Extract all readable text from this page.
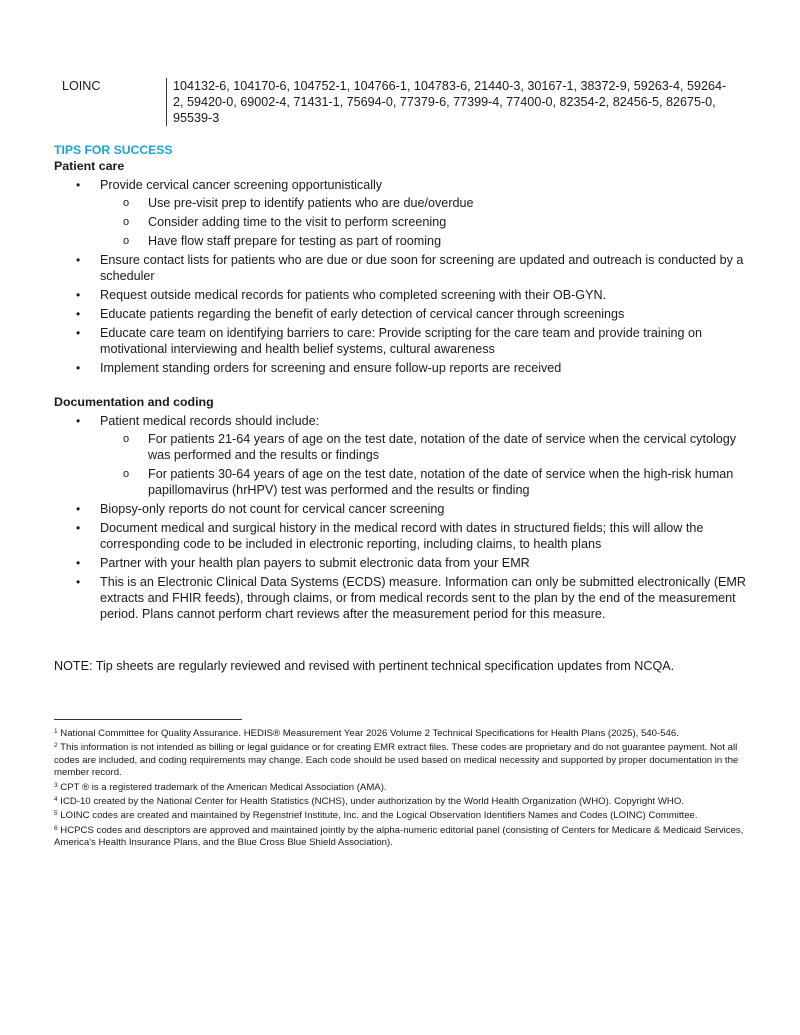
LOINC	104132-6, 104170-6, 104752-1, 104766-1, 104783-6, 21440-3, 30167-1, 38372-9, 59263-4, 59264-2, 59420-0, 69002-4, 71431-1, 75694-0, 77379-6, 77399-4, 77400-0, 82354-2, 82456-5, 82675-0, 95539-3
TIPS FOR SUCCESS
Patient care
• Provide cervical cancer screening opportunistically
o Use pre-visit prep to identify patients who are due/overdue
o Consider adding time to the visit to perform screening
o Have flow staff prepare for testing as part of rooming
• Ensure contact lists for patients who are due or due soon for screening are updated and outreach is conducted by a scheduler
• Request outside medical records for patients who completed screening with their OB-GYN.
• Educate patients regarding the benefit of early detection of cervical cancer through screenings
• Educate care team on identifying barriers to care: Provide scripting for the care team and provide training on motivational interviewing and health belief systems, cultural awareness
• Implement standing orders for screening and ensure follow-up reports are received
Documentation and coding
• Patient medical records should include:
o For patients 21-64 years of age on the test date, notation of the date of service when the cervical cytology was performed and the results or findings
o For patients 30-64 years of age on the test date, notation of the date of service when the high-risk human papillomavirus (hrHPV) test was performed and the results or finding
• Biopsy-only reports do not count for cervical cancer screening
• Document medical and surgical history in the medical record with dates in structured fields; this will allow the corresponding code to be included in electronic reporting, including claims, to health plans
• Partner with your health plan payers to submit electronic data from your EMR
• This is an Electronic Clinical Data Systems (ECDS) measure. Information can only be submitted electronically (EMR extracts and FHIR feeds), through claims, or from medical records sent to the plan by the end of the measurement period. Plans cannot perform chart reviews after the measurement period for this measure.
NOTE: Tip sheets are regularly reviewed and revised with pertinent technical specification updates from NCQA.

$^1$ National Committee for Quality Assurance. HEDIS® Measurement Year 2026 Volume 2 Technical Specifications for Health Plans (2025), 540-546.

$^2$ This information is not intended as billing or legal guidance or for creating EMR extract files. These codes are proprietary and do not guarantee payment. Not all codes are included, and coding requirements may change. Each code should be used based on medical necessity and supported by proper documentation in the member record.

$^3$ CPT ® is a registered trademark of the American Medical Association (AMA).

$^4$ ICD-10 created by the National Center for Health Statistics (NCHS), under authorization by the World Health Organization (WHO). Copyright WHO.

$^5$ LOINC codes are created and maintained by Regenstrief Institute, Inc. and the Logical Observation Identifiers Names and Codes (LOINC) Committee.

$^6$ HCPCS codes and descriptors are approved and maintained jointly by the alpha-numeric editorial panel (consisting of Centers for Medicare & Medicaid Services, America's Health Insurance Plans, and the Blue Cross Blue Shield Association).
